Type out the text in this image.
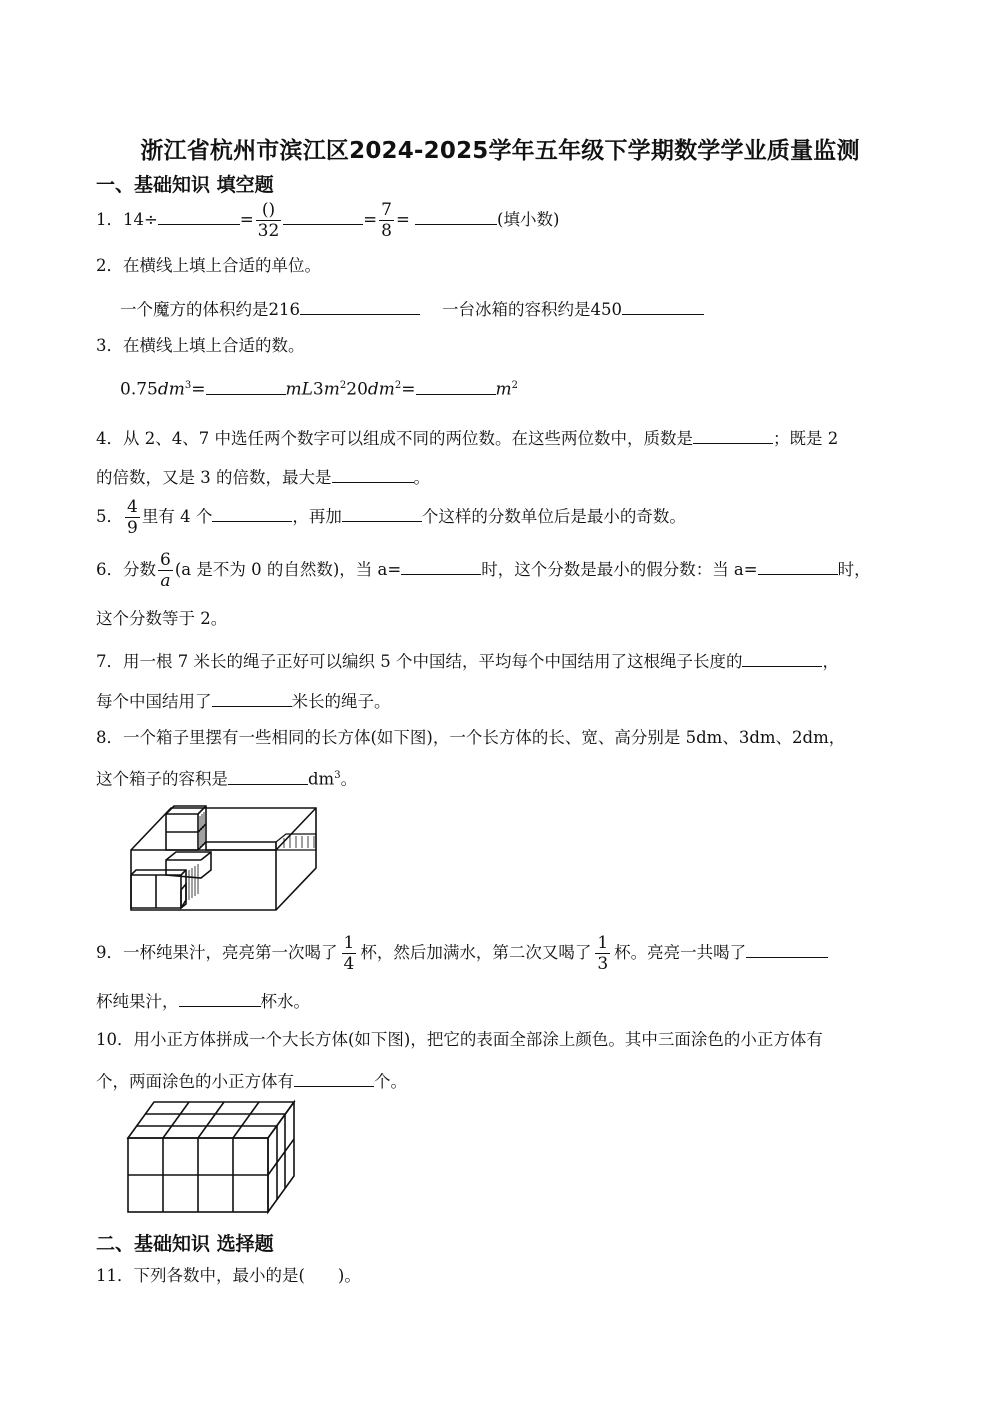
浙江省杭州市滨江区2024-2025学年五年级下学期数学学业质量监测
一、基础知识 填空题
1．14÷	= $\frac{()}{32}$	= $\frac{7}{8}$ =	(填小数)
2．在横线上填上合适的单位。
一个魔方的体积约是216	一台冰箱的容积约是450
3．在横线上填上合适的数。
$0.75dm^3=$	$mL3m^220dm^2=$	$m^2$
4．从 2、4、7 中选任两个数字可以组成不同的两位数。在这些两位数中，质数是	；既是 2
的倍数，又是 3 的倍数，最大是	。
5． $\frac{4}{9}$ 里有 4 个	，再加	个这样的分数单位后是最小的奇数。
6．分数 $\frac{6}{a} (a$ 是不为 0 的自然数)，当 a=	时，这个分数是最小的假分数：当 a=	时，
这个分数等于 2。
7．用一根 7 米长的绳子正好可以编织 5 个中国结，平均每个中国结用了这根绳子长度的	，
每个中国结用了	米长的绳子。
8．一个箱子里摆有一些相同的长方体(如下图)，一个长方体的长、宽、高分别是 5dm、3dm、2dm，
这个箱子的容积是	$dm^3$。
9．一杯纯果汁，亮亮第一次喝了 $\frac{1}{4}$ 杯，然后加满水，第二次又喝了 $\frac{1}{3}$ 杯。亮亮一共喝了
杯纯果汁，	杯水。
10．用小正方体拼成一个大长方体(如下图)，把它的表面全部涂上颜色。其中三面涂色的小正方体有
个，两面涂色的小正方体有	个。
二、基础知识 选择题
11．下列各数中，最小的是(　　)。
